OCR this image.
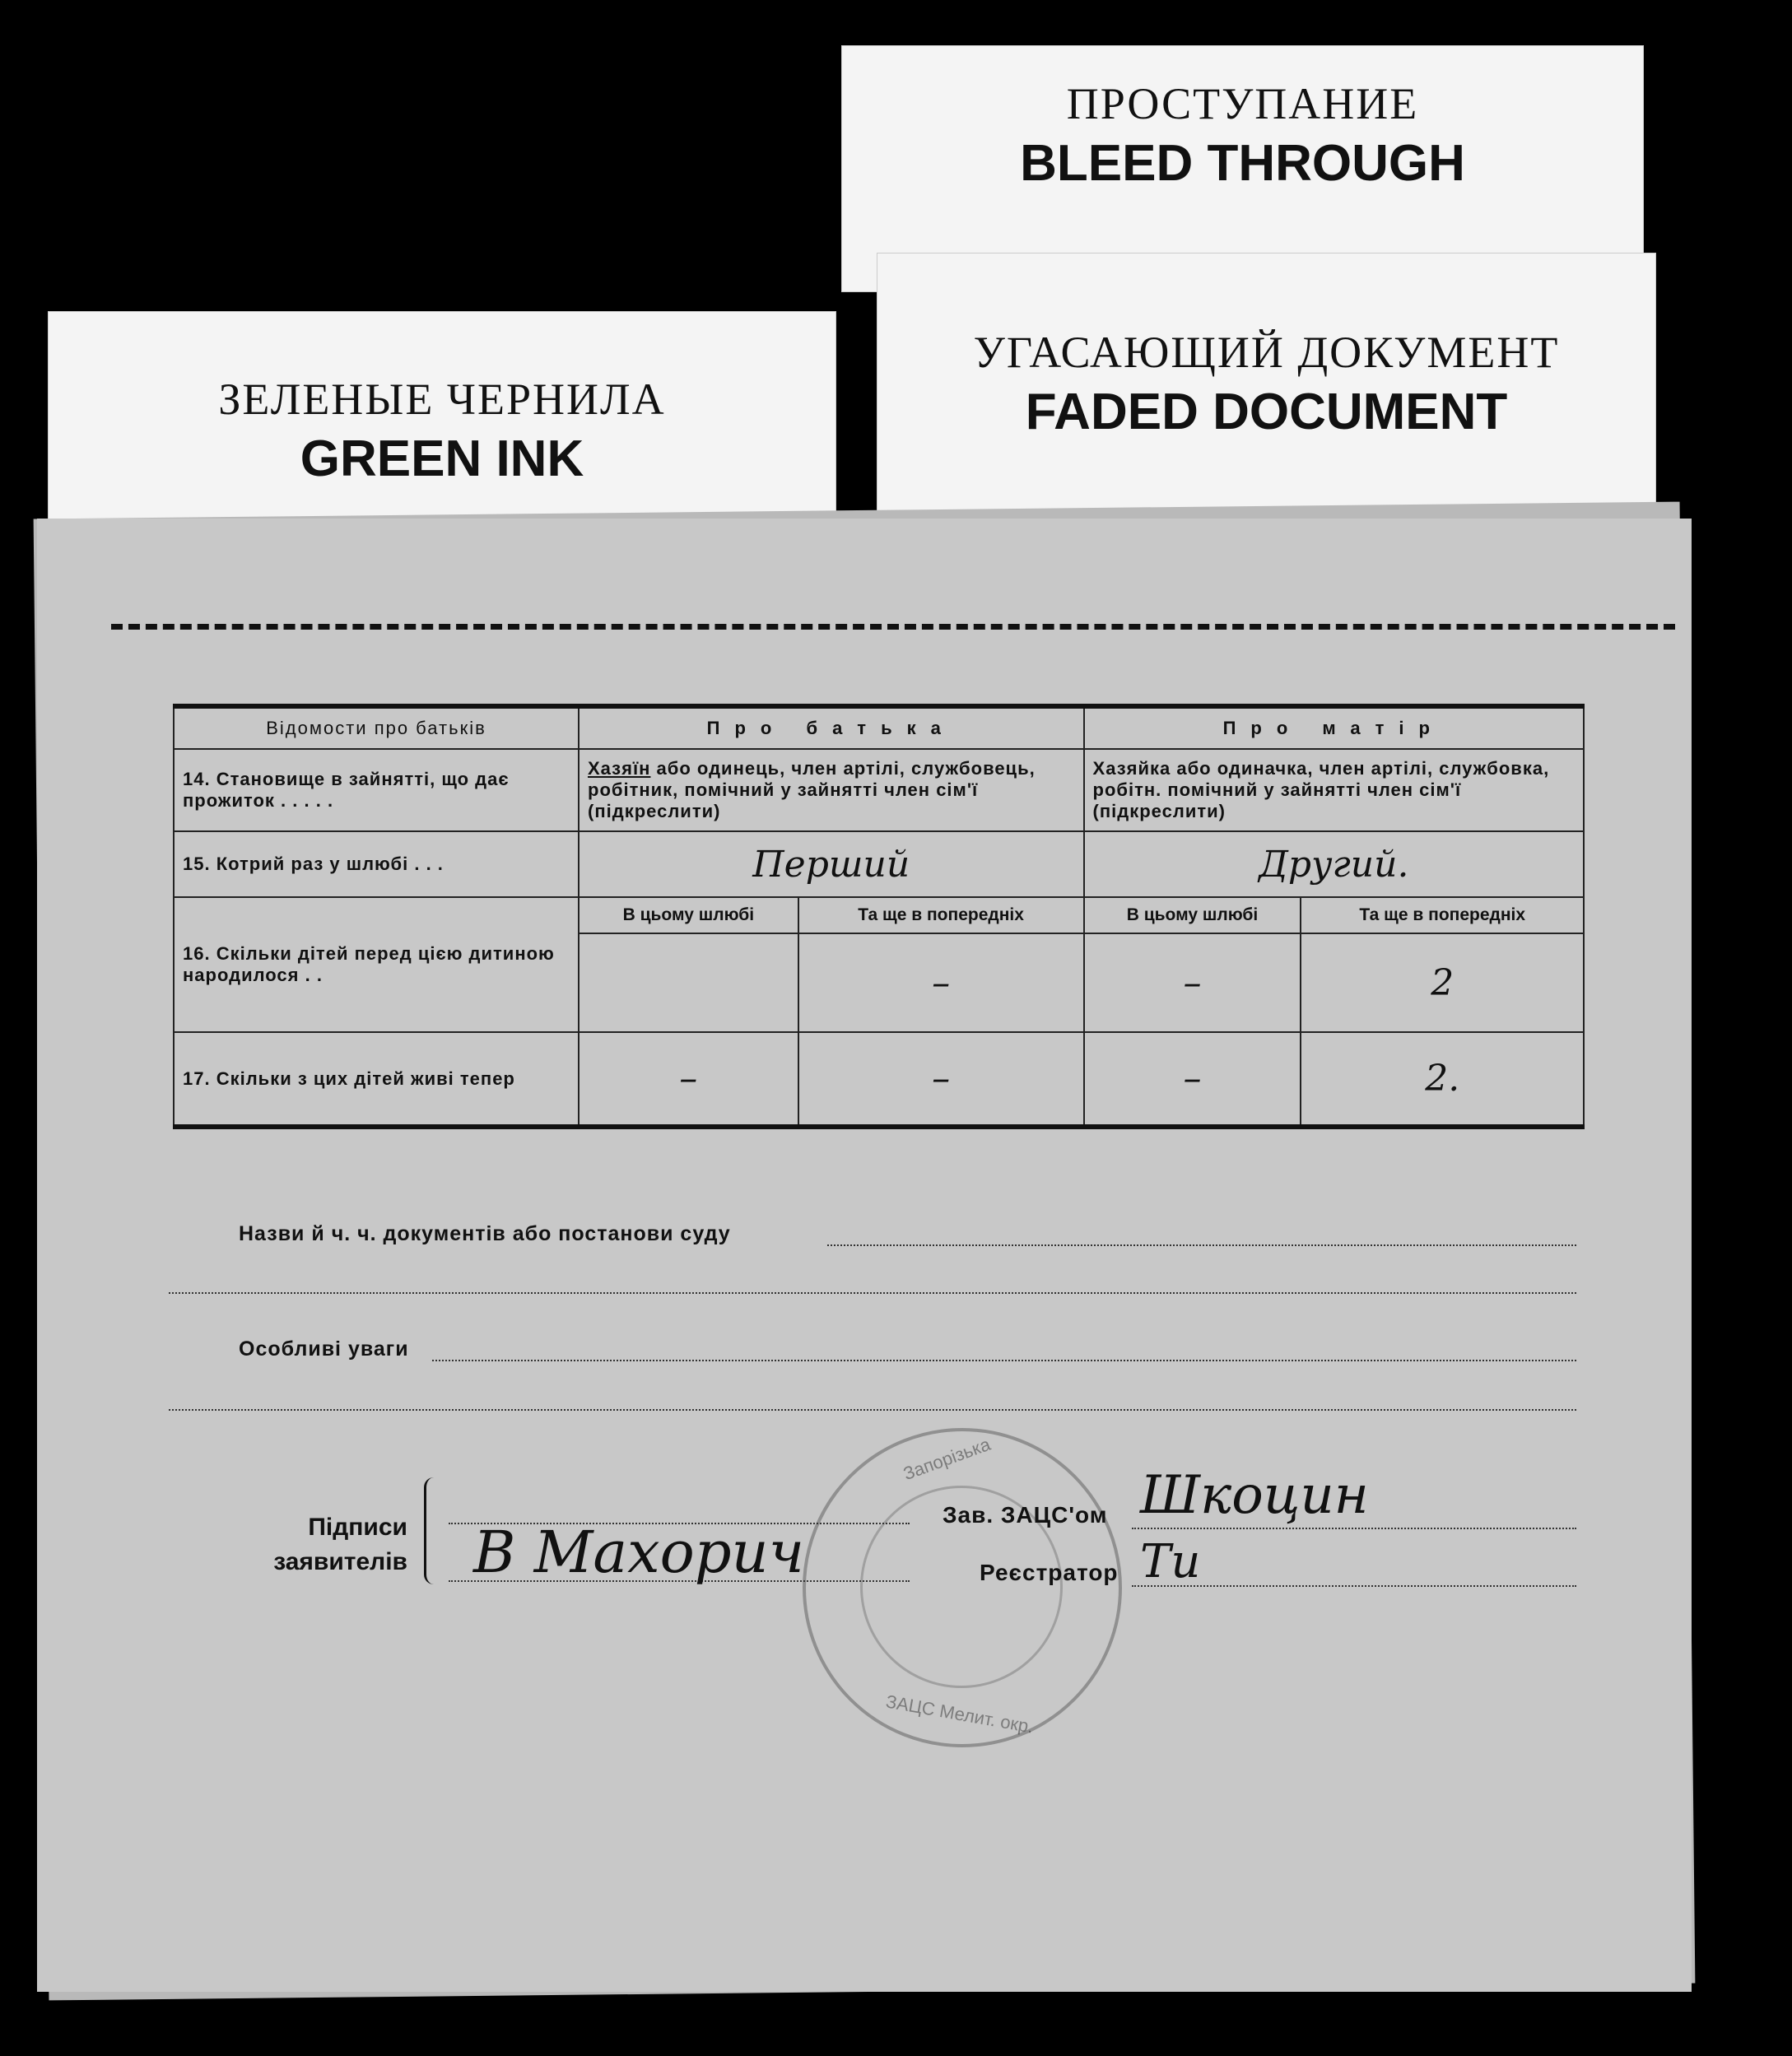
ПРОСТУПАНИЕ
BLEED THROUGH
ЗЕЛЕНЫЕ ЧЕРНИЛА
GREEN INK
УГАСАЮЩИЙ ДОКУМЕНТ
FADED DOCUMENT
Відомости про батьків	Про батька		Про матір	
14. Становище в зайнятті, що дає прожиток . . . . .	Хазяїн або одинець, член артілі, службовець, робітник, помічний у зайнятті член сім'ї (підкреслити)		Хазяйка або одиначка, член артілі, службовка, робітн. помічний у зайнятті член сім'ї (підкреслити)	
15. Котрий раз у шлюбі . . .	Перший		Другий.	
16. Скільки дітей перед цією дитиною народилося . .	В цьому шлюбі	Та ще в попередніх	В цьому шлюбі	Та ще в попередніх
		–	–	2
17. Скільки з цих дітей живі тепер	–	–	–	2.
Назви й ч. ч. документів або постанови суду
Особливі уваги
Запорізька
ЗАЦС Мелит. окр.
Підписи
заявителів В Махорич
Зав. ЗАЦС'ом Шкоцин
Реєстратор Ти
